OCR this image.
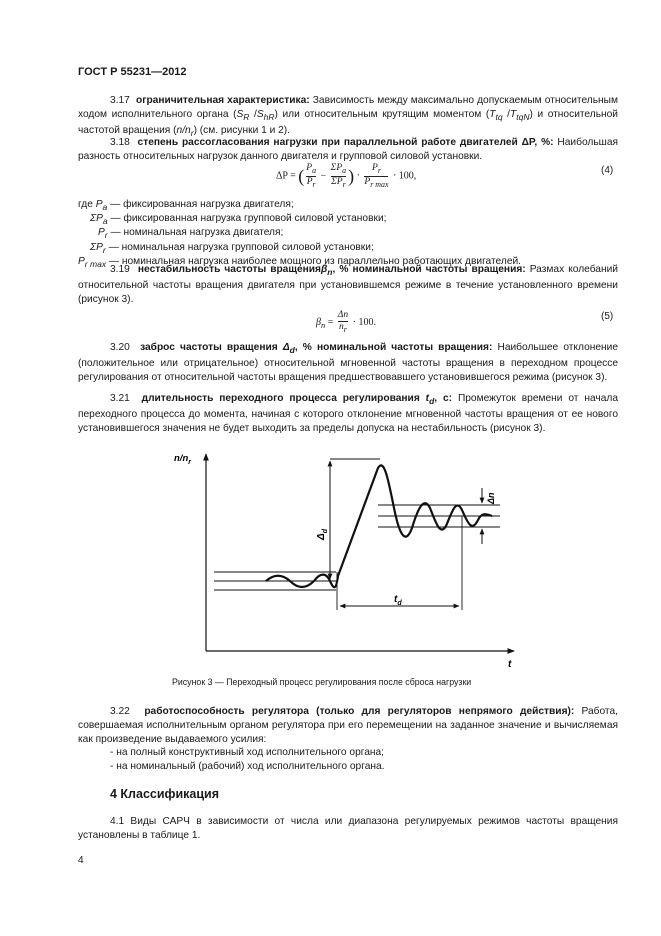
ГОСТ Р 55231—2012
3.17 ограничительная характеристика: Зависимость между максимально допускаемым относительным ходом исполнительного органа ($S_R$ $/S_{hR}$) или относительным крутящим моментом ($T_{tq}$ $/T_{tqN}$) и относительной частотой вращения $(n/n_r)$ (см. рисунки 1 и 2).
3.18 степень рассогласования нагрузки при параллельной работе двигателей ΔP, %: Наибольшая разность относительных нагрузок данного двигателя и групповой силовой установки.
ΔP = ( $\frac{P_a}{P_r} - \frac{\Sigma P_a}{\Sigma P_r}$ ) · $\frac{P_r}{P_{r max}} \cdot 100$,
(4)
где $P_a$ — фиксированная нагрузка двигателя;
$\Sigma P_a$ — фиксированная нагрузка групповой силовой установки;
$P_r$ — номинальная нагрузка двигателя;
$\Sigma P_r$ — номинальная нагрузка групповой силовой установки;
$P_{r max}$ — номинальная нагрузка наиболее мощного из параллельно работающих двигателей.
3.19 нестабильность частоты вращенияβ$_n$, % номинальной частоты вращения: Размах колебаний относительной частоты вращения двигателя при установившемся режиме в течение установленного времени (рисунок 3).
$\beta_n = \frac{\Delta n}{n_r} \cdot 100$.
(5)
3.20 заброс частоты вращения $\Delta_d$, % номинальной частоты вращения: Наибольшее отклонение (положительное или отрицательное) относительной мгновенной частоты вращения в переходном процессе регулирования от относительной частоты вращения предшествовавшего установившегося режима (рисунок 3).
3.21 длительность переходного процесса регулирования $t_d$, с: Промежуток времени от начала переходного процесса до момента, начиная с которого отклонение мгновенной частоты вращения от ее нового установившегося значения не будет выходить за пределы допуска на нестабильность (рисунок 3).
$n/n_r$
t
$\Delta_d$
Δn
$t_d$
Рисунок 3 — Переходный процесс регулирования после сброса нагрузки
3.22 работоспособность регулятора (только для регуляторов непрямого действия): Работа, совершаемая исполнительным органом регулятора при его перемещении на заданное значение и вычисляемая как произведение выдаваемого усилия:
- на полный конструктивный ход исполнительного органа;
- на номинальный (рабочий) ход исполнительного органа.
4 Классификация
4.1 Виды САРЧ в зависимости от числа или диапазона регулируемых режимов частоты вращения установлены в таблице 1.
4
